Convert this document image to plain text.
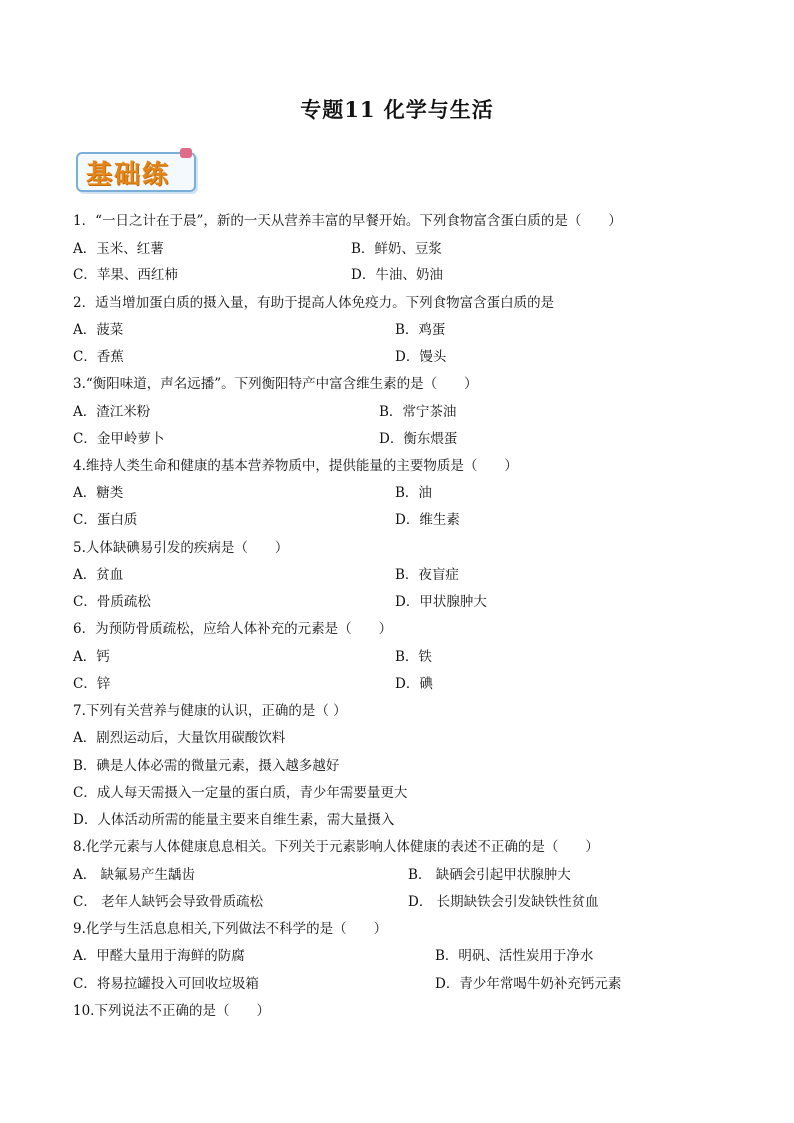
专题11 化学与生活
基础练
1．“一日之计在于晨”，新的一天从营养丰富的早餐开始。下列食物富含蛋白质的是（　　）
A．玉米、红薯	B．鲜奶、豆浆
C．苹果、西红柿	D．牛油、奶油
2．适当增加蛋白质的摄入量，有助于提高人体免疫力。下列食物富含蛋白质的是
A．菠菜	B．鸡蛋
C．香蕉	D．馒头
3.“衡阳味道，声名远播”。下列衡阳特产中富含维生素的是（　　）
A．渣江米粉	B．常宁茶油
C．金甲岭萝卜	D．衡东煨蛋
4.维持人类生命和健康的基本营养物质中，提供能量的主要物质是（　　）
A．糖类	B．油
C．蛋白质	D．维生素
5.人体缺碘易引发的疾病是（　　）
A．贫血	B．夜盲症
C．骨质疏松	D．甲状腺肿大
6．为预防骨质疏松，应给人体补充的元素是（　　）
A．钙	B．铁
C．锌	D．碘
7.下列有关营养与健康的认识，正确的是（ ）
A．剧烈运动后，大量饮用碳酸饮料
B．碘是人体必需的微量元素，摄入越多越好
C．成人每天需摄入一定量的蛋白质，青少年需要量更大
D．人体活动所需的能量主要来自维生素，需大量摄入
8.化学元素与人体健康息息相关。下列关于元素影响人体健康的表述不正确的是（　　）
A． 缺氟易产生龋齿	B． 缺硒会引起甲状腺肿大
C． 老年人缺钙会导致骨质疏松	D． 长期缺铁会引发缺铁性贫血
9.化学与生活息息相关,下列做法不科学的是（　　）
A．甲醛大量用于海鲜的防腐	B．明矾、活性炭用于净水
C．将易拉罐投入可回收垃圾箱	D．青少年常喝牛奶补充钙元素
10.下列说法不正确的是（　　）
